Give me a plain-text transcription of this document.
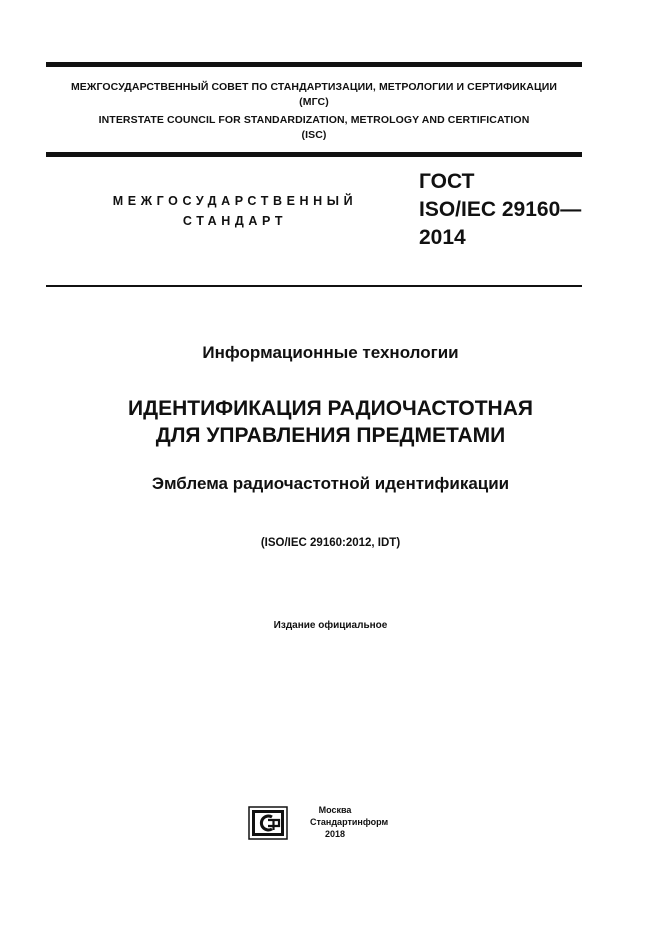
МЕЖГОСУДАРСТВЕННЫЙ СОВЕТ ПО СТАНДАРТИЗАЦИИ, МЕТРОЛОГИИ И СЕРТИФИКАЦИИ
(МГС)
INTERSTATE COUNCIL FOR STANDARDIZATION, METROLOGY AND CERTIFICATION
(ISC)
МЕЖГОСУДАРСТВЕННЫЙ
СТАНДАРТ
ГОСТ
ISO/IEC 29160—
2014
Информационные технологии
ИДЕНТИФИКАЦИЯ РАДИОЧАСТОТНАЯ
ДЛЯ УПРАВЛЕНИЯ ПРЕДМЕТАМИ
Эмблема радиочастотной идентификации
(ISO/IEC 29160:2012, IDT)
Издание официальное
Москва
Стандартинформ
2018
